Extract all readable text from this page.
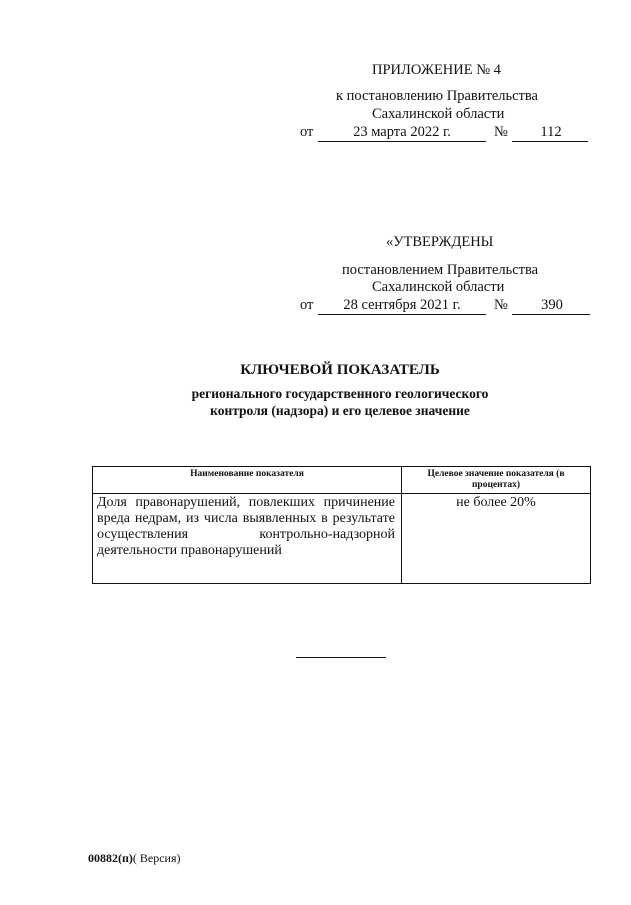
ПРИЛОЖЕНИЕ № 4
к постановлению Правительства
Сахалинской области
от	23 марта 2022 г.	№	112
«УТВЕРЖДЕНЫ
постановлением Правительства
Сахалинской области
от	28 сентября 2021 г.	№	390
КЛЮЧЕВОЙ ПОКАЗАТЕЛЬ
регионального государственного геологического
контроля (надзора) и его целевое значение
Наименование показателя	Целевое значение показателя (в процентах)
Доля правонарушений, повлекших причинение вреда недрам, из числа выявленных в результате осуществления контрольно-надзорной деятельности правонарушений	не более 20%
00882(п)( Версия)
